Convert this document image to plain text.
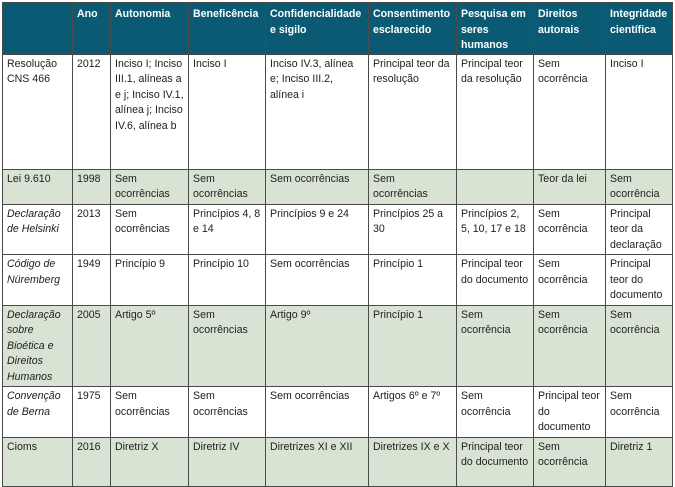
	Ano	Autonomia	Beneficência	Confidencialidade e sigilo	Consentimento esclarecido	Pesquisa em seres humanos	Direitos autorais	Integridade científica
Resolução CNS 466	2012	Inciso I; Inciso III.1, alíneas a e j; Inciso IV.1, alínea j; Inciso IV.6, alínea b	Inciso I	Inciso IV.3, alínea e; Inciso III.2, alínea i	Principal teor da resolução	Principal teor da resolução	Sem ocorrência	Inciso I
Lei 9.610	1998	Sem ocorrências	Sem ocorrências	Sem ocorrências	Sem ocorrências		Teor da lei	Sem ocorrência
Declaração de Helsinki	2013	Sem ocorrências	Princípios 4, 8 e 14	Princípios 9 e 24	Princípios 25 a 30	Princípios 2, 5, 10, 17 e 18	Sem ocorrência	Principal teor da declaração
Código de Nüremberg	1949	Princípio 9	Princípio 10	Sem ocorrências	Princípio 1	Principal teor do documento	Sem ocorrência	Principal teor do documento
Declaração sobre Bioética e Direitos Humanos	2005	Artigo 5º	Sem ocorrências	Artigo 9º	Princípio 1	Sem ocorrência	Sem ocorrência	Sem ocorrência
Convenção de Berna	1975	Sem ocorrências	Sem ocorrências	Sem ocorrências	Artigos 6º e 7º	Sem ocorrência	Principal teor do documento	Sem ocorrência
Cioms	2016	Diretriz X	Diretriz IV	Diretrizes XI e XII	Diretrizes IX e X	Principal teor do documento	Sem ocorrência	Diretriz 1
